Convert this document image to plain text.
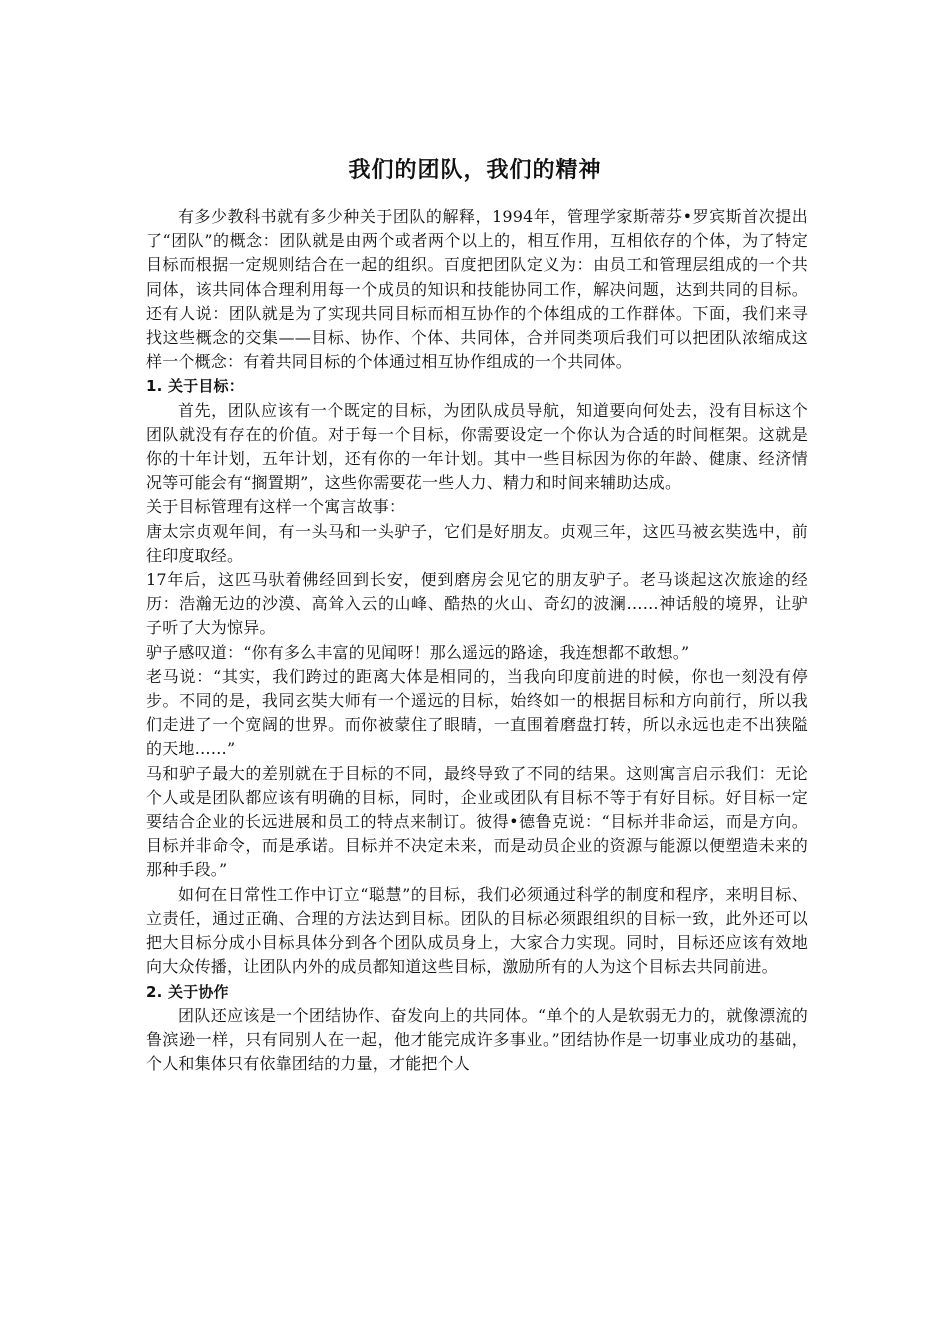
我们的团队，我们的精神

有多少教科书就有多少种关于团队的解释，1994年，管理学家斯蒂芬•罗宾斯首次提出了“团队”的概念：团队就是由两个或者两个以上的，相互作用，互相依存的个体，为了特定目标而根据一定规则结合在一起的组织。百度把团队定义为：由员工和管理层组成的一个共同体，该共同体合理利用每一个成员的知识和技能协同工作，解决问题，达到共同的目标。还有人说：团队就是为了实现共同目标而相互协作的个体组成的工作群体。下面，我们来寻找这些概念的交集——目标、协作、个体、共同体，合并同类项后我们可以把团队浓缩成这样一个概念：有着共同目标的个体通过相互协作组成的一个共同体。

1. 关于目标：

首先，团队应该有一个既定的目标，为团队成员导航，知道要向何处去，没有目标这个团队就没有存在的价值。对于每一个目标，你需要设定一个你认为合适的时间框架。这就是你的十年计划，五年计划，还有你的一年计划。其中一些目标因为你的年龄、健康、经济情况等可能会有“搁置期”，这些你需要花一些人力、精力和时间来辅助达成。

关于目标管理有这样一个寓言故事：

唐太宗贞观年间，有一头马和一头驴子，它们是好朋友。贞观三年，这匹马被玄奘选中，前往印度取经。

17年后，这匹马驮着佛经回到长安，便到磨房会见它的朋友驴子。老马谈起这次旅途的经历：浩瀚无边的沙漠、高耸入云的山峰、酷热的火山、奇幻的波澜……神话般的境界，让驴子听了大为惊异。

驴子感叹道：“你有多么丰富的见闻呀！那么遥远的路途，我连想都不敢想。”

老马说：“其实，我们跨过的距离大体是相同的，当我向印度前进的时候，你也一刻没有停步。不同的是，我同玄奘大师有一个遥远的目标，始终如一的根据目标和方向前行，所以我们走进了一个宽阔的世界。而你被蒙住了眼睛，一直围着磨盘打转，所以永远也走不出狭隘的天地……”

马和驴子最大的差别就在于目标的不同，最终导致了不同的结果。这则寓言启示我们：无论个人或是团队都应该有明确的目标，同时，企业或团队有目标不等于有好目标。好目标一定要结合企业的长远进展和员工的特点来制订。彼得•德鲁克说：“目标并非命运，而是方向。目标并非命令，而是承诺。目标并不决定未来，而是动员企业的资源与能源以便塑造未来的那种手段。”

如何在日常性工作中订立“聪慧”的目标，我们必须通过科学的制度和程序，来明目标、立责任，通过正确、合理的方法达到目标。团队的目标必须跟组织的目标一致，此外还可以把大目标分成小目标具体分到各个团队成员身上，大家合力实现。同时，目标还应该有效地向大众传播，让团队内外的成员都知道这些目标，激励所有的人为这个目标去共同前进。

2. 关于协作

团队还应该是一个团结协作、奋发向上的共同体。“单个的人是软弱无力的，就像漂流的鲁滨逊一样，只有同别人在一起，他才能完成许多事业。”团结协作是一切事业成功的基础，个人和集体只有依靠团结的力量，才能把个人
